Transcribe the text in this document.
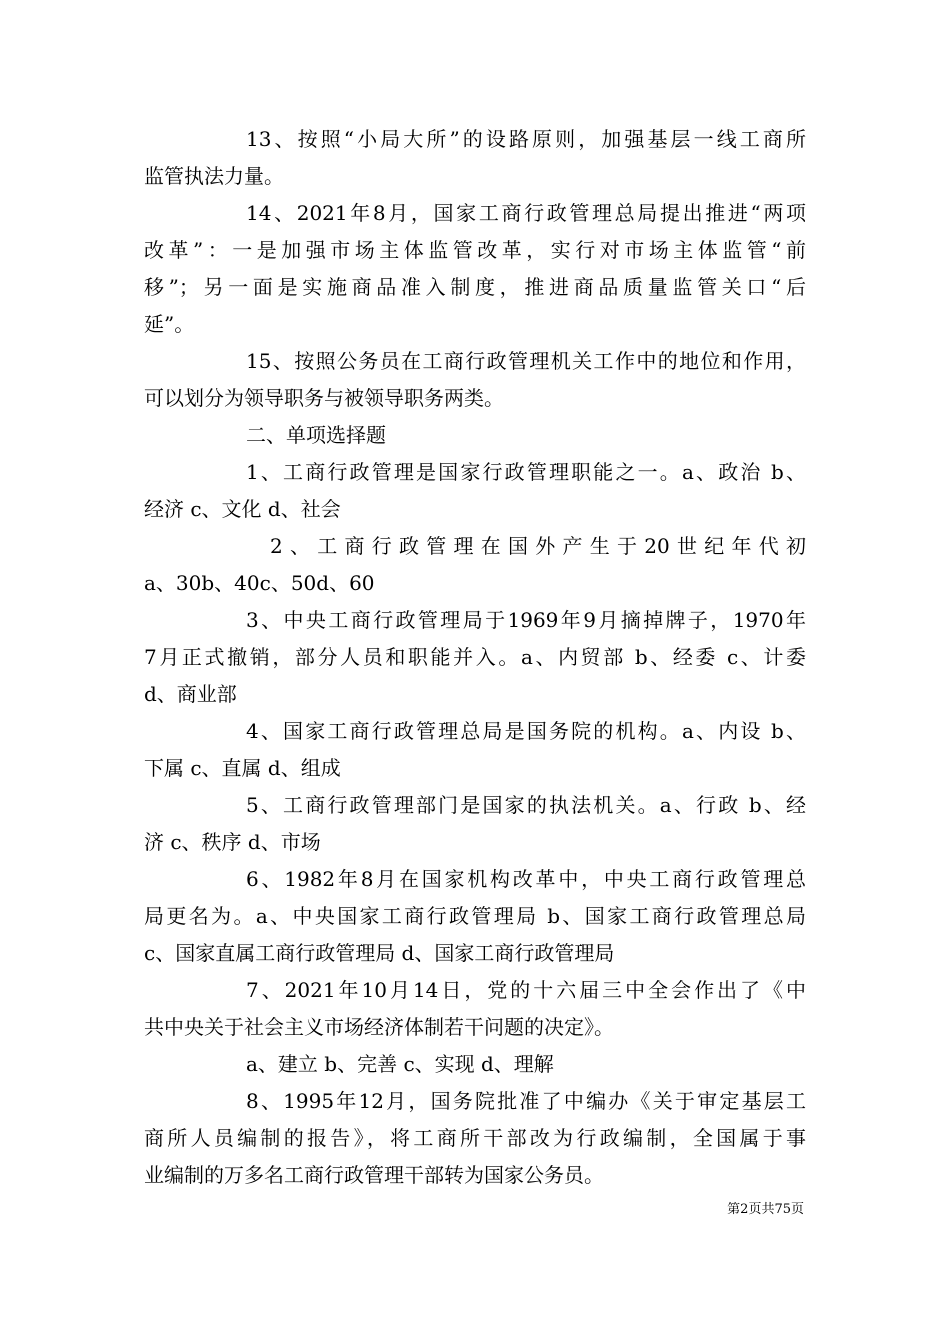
13、按照“小局大所”的设路原则，加强基层一线工商所
监管执法力量。
14、2021年8月，国家工商行政管理总局提出推进“两项
改革”：一是加强市场主体监管改革，实行对市场主体监管“前
移”；另一面是实施商品准入制度，推进商品质量监管关口“后
延”。
15、按照公务员在工商行政管理机关工作中的地位和作用，
可以划分为领导职务与被领导职务两类。
二、单项选择题
1、工商行政管理是国家行政管理职能之一。a、政治 b、
经济 c、文化 d、社会
2、工商行政管理在国外产生于20世纪年代初
a、30b、40c、50d、60
3、中央工商行政管理局于1969年9月摘掉牌子，1970年
7月正式撤销，部分人员和职能并入。a、内贸部 b、经委 c、计委
d、商业部
4、国家工商行政管理总局是国务院的机构。a、内设 b、
下属 c、直属 d、组成
5、工商行政管理部门是国家的执法机关。a、行政 b、经
济 c、秩序 d、市场
6、1982年8月在国家机构改革中，中央工商行政管理总
局更名为。a、中央国家工商行政管理局 b、国家工商行政管理总局
c、国家直属工商行政管理局 d、国家工商行政管理局
7、2021年10月14日，党的十六届三中全会作出了《中
共中央关于社会主义市场经济体制若干问题的决定》。
a、建立 b、完善 c、实现 d、理解
8、1995年12月，国务院批准了中编办《关于审定基层工
商所人员编制的报告》，将工商所干部改为行政编制，全国属于事
业编制的万多名工商行政管理干部转为国家公务员。
第2页共75页
